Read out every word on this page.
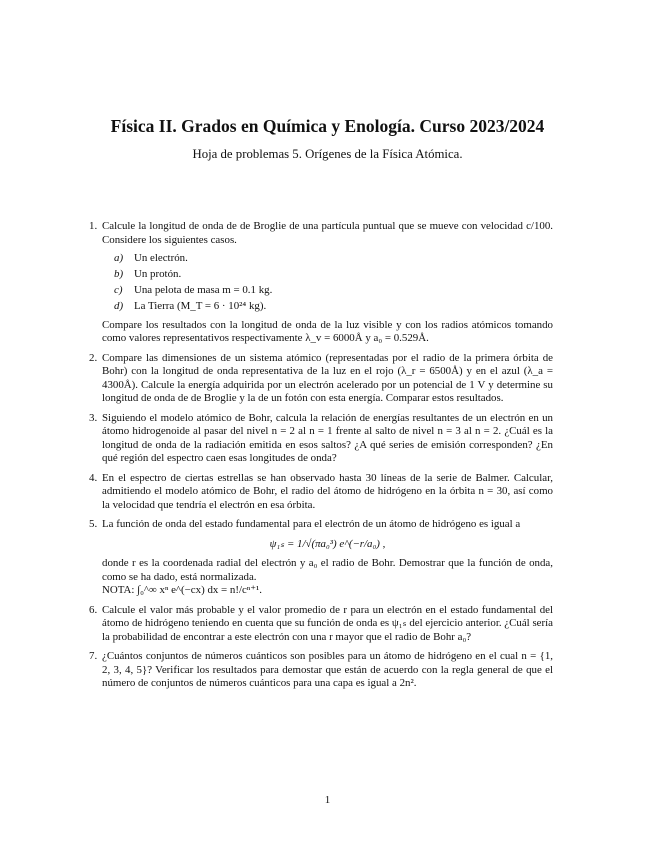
Física II. Grados en Química y Enología. Curso 2023/2024
Hoja de problemas 5. Orígenes de la Física Atómica.
1. Calcule la longitud de onda de de Broglie de una partícula puntual que se mueve con velocidad c/100. Considere los siguientes casos.

a) Un electrón.
b) Un protón.
c) Una pelota de masa m = 0.1 kg.
d) La Tierra (M_T = 6 · 10²⁴ kg).

Compare los resultados con la longitud de onda de la luz visible y con los radios atómicos tomando como valores representativos respectivamente λ_v = 6000Å y a₀ = 0.529Å.

2. Compare las dimensiones de un sistema atómico (representadas por el radio de la primera órbita de Bohr) con la longitud de onda representativa de la luz en el rojo (λ_r = 6500Å) y en el azul (λ_a = 4300Å). Calcule la energía adquirida por un electrón acelerado por un potencial de 1 V y determine su longitud de onda de de Broglie y la de un fotón con esta energía. Comparar estos resultados.

3. Siguiendo el modelo atómico de Bohr, calcula la relación de energías resultantes de un electrón en un átomo hidrogenoide al pasar del nivel n = 2 al n = 1 frente al salto de nivel n = 3 al n = 2. ¿Cuál es la longitud de onda de la radiación emitida en esos saltos? ¿A qué series de emisión corresponden? ¿En qué región del espectro caen esas longitudes de onda?

4. En el espectro de ciertas estrellas se han observado hasta 30 líneas de la serie de Balmer. Calcular, admitiendo el modelo atómico de Bohr, el radio del átomo de hidrógeno en la órbita n = 30, así como la velocidad que tendría el electrón en esa órbita.

5. La función de onda del estado fundamental para el electrón de un átomo de hidrógeno es igual a

ψ₁ₛ = 1/√(πa₀³) e^(−r/a₀) ,

donde r es la coordenada radial del electrón y a₀ el radio de Bohr. Demostrar que la función de onda, como se ha dado, está normalizada.

NOTA: ∫₀^∞ xⁿ e^(−cx) dx = n!/cⁿ⁺¹.

6. Calcule el valor más probable y el valor promedio de r para un electrón en el estado fundamental del átomo de hidrógeno teniendo en cuenta que su función de onda es ψ₁ₛ del ejercicio anterior. ¿Cuál sería la probabilidad de encontrar a este electrón con una r mayor que el radio de Bohr a₀?

7. ¿Cuántos conjuntos de números cuánticos son posibles para un átomo de hidrógeno en el cual n = {1, 2, 3, 4, 5}? Verificar los resultados para demostar que están de acuerdo con la regla general de que el número de conjuntos de números cuánticos para una capa es igual a 2n².

1
